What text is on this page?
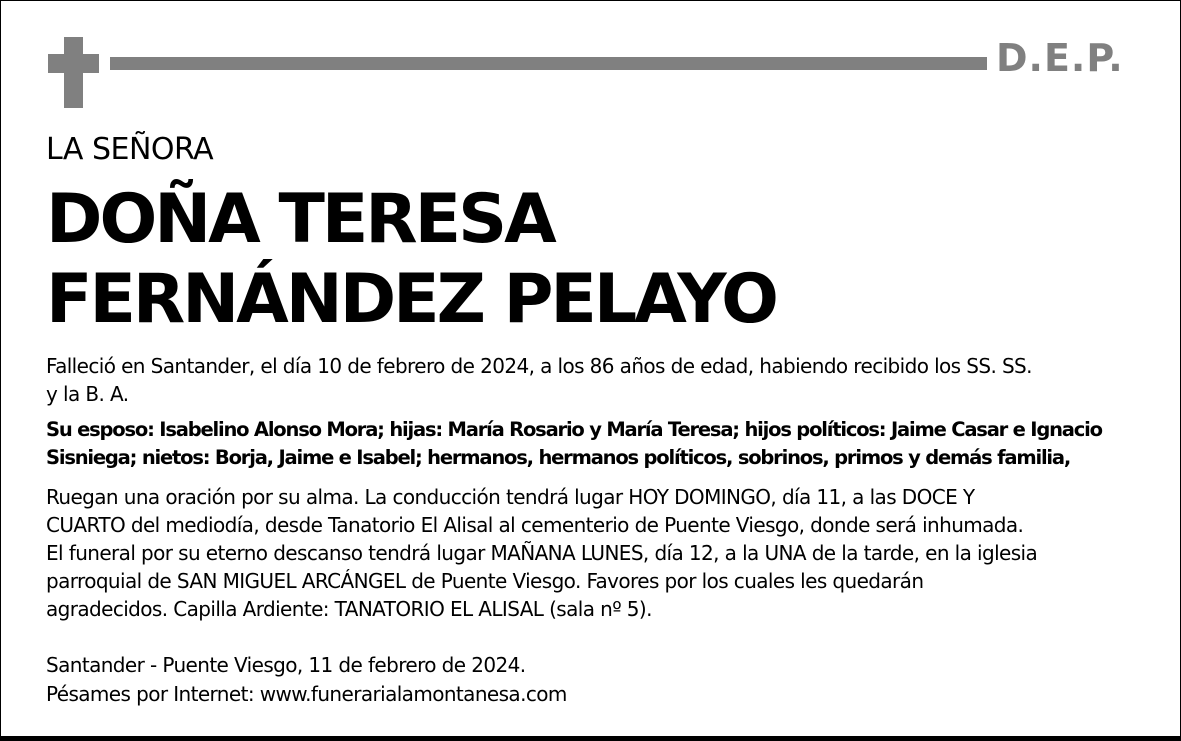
D.E.P.
LA SEÑORA
DOÑA TERESA
FERNÁNDEZ PELAYO
Falleció en Santander, el día 10 de febrero de 2024, a los 86 años de edad, habiendo recibido los SS. SS.
y la B. A.
Su esposo: Isabelino Alonso Mora; hijas: María Rosario y María Teresa; hijos políticos: Jaime Casar e Ignacio
Sisniega; nietos: Borja, Jaime e Isabel; hermanos, hermanos políticos, sobrinos, primos y demás familia,
Ruegan una oración por su alma. La conducción tendrá lugar HOY DOMINGO, día 11, a las DOCE Y
CUARTO del mediodía, desde Tanatorio El Alisal al cementerio de Puente Viesgo, donde será inhumada.
El funeral por su eterno descanso tendrá lugar MAÑANA LUNES, día 12, a la UNA de la tarde, en la iglesia
parroquial de SAN MIGUEL ARCÁNGEL de Puente Viesgo. Favores por los cuales les quedarán
agradecidos. Capilla Ardiente: TANATORIO EL ALISAL (sala nº 5).
Santander - Puente Viesgo, 11 de febrero de 2024.
Pésames por Internet: www.funerarialamontanesa.com
